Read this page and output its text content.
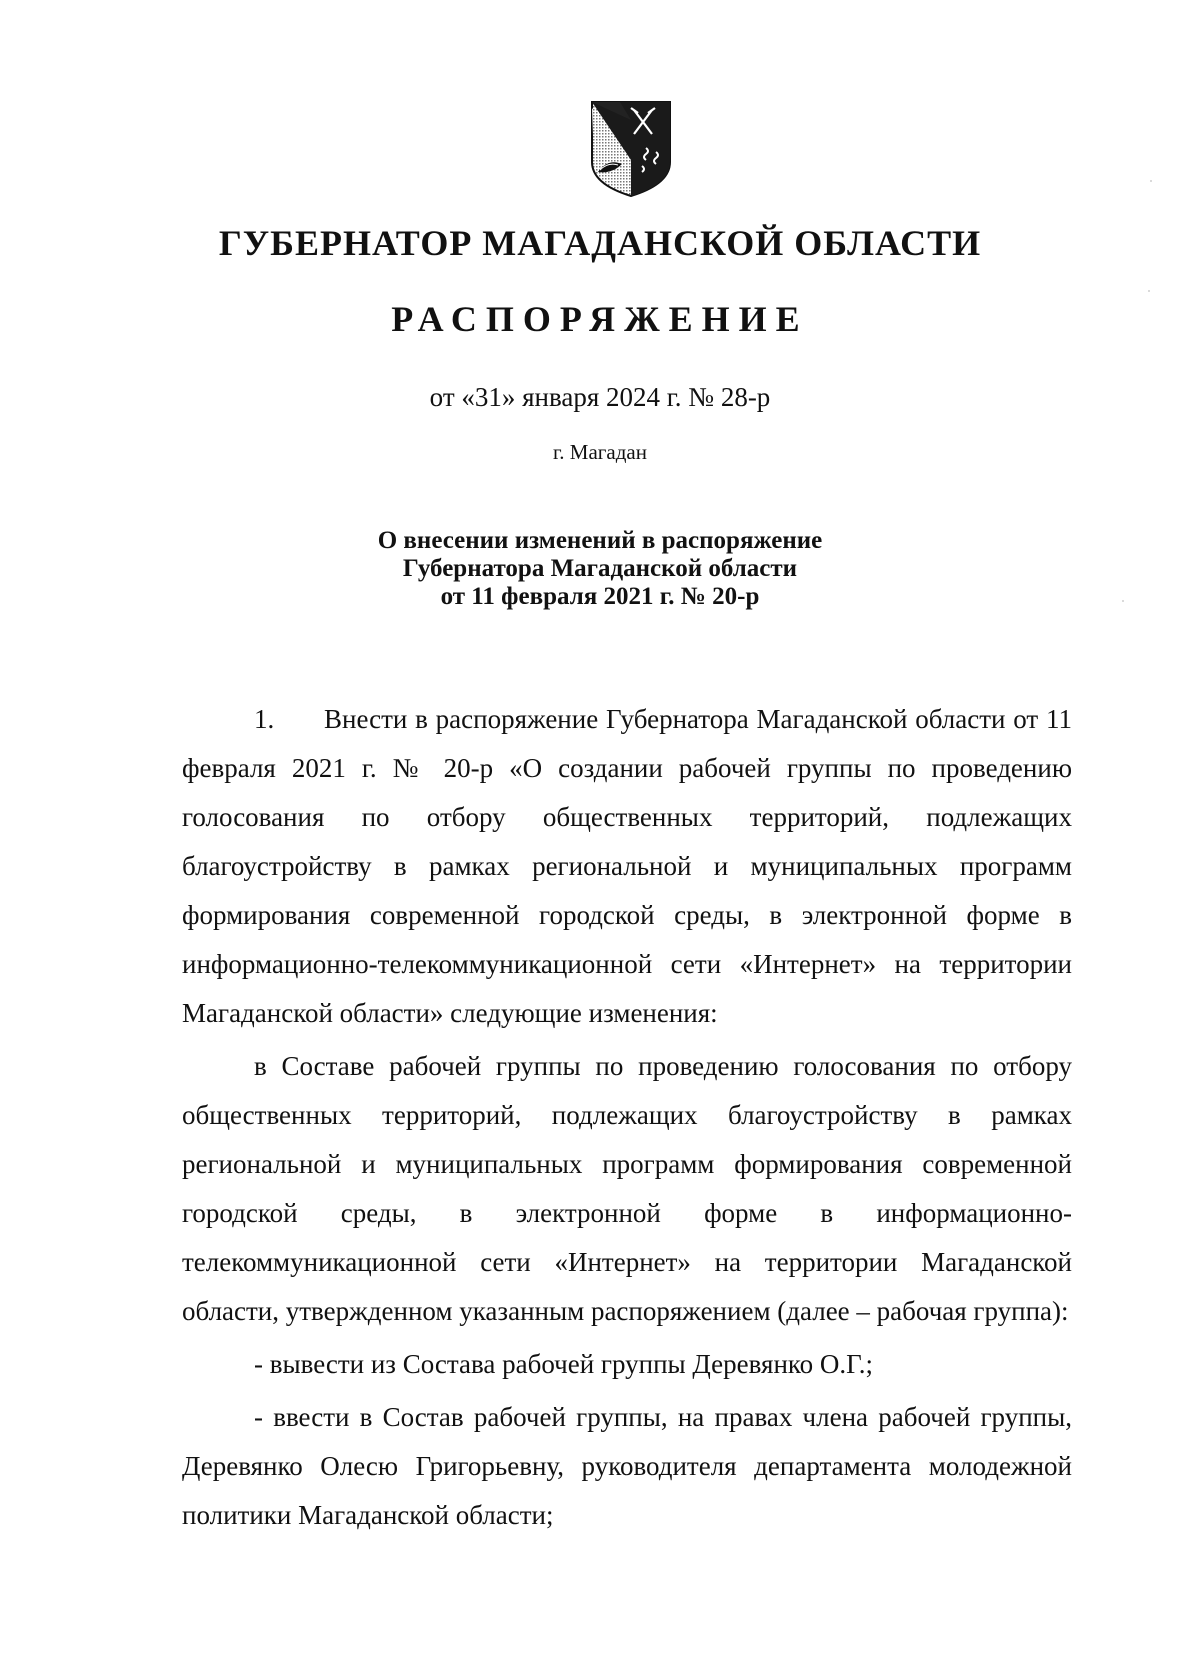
ГУБЕРНАТОР МАГАДАНСКОЙ ОБЛАСТИ
РАСПОРЯЖЕНИЕ
от «31» января 2024 г. № 28-р
г. Магадан
О внесении изменений в распоряжение
Губернатора Магаданской области
от 11 февраля 2021 г. № 20-р

1. Внести в распоряжение Губернатора Магаданской области от 11 февраля 2021 г. № 20-р «О создании рабочей группы по проведению голосования по отбору общественных территорий, подлежащих благоустройству в рамках региональной и муниципальных программ формирования современной городской среды, в электронной форме в информационно-телекоммуникационной сети «Интернет» на территории Магаданской области» следующие изменения:

в Составе рабочей группы по проведению голосования по отбору общественных территорий, подлежащих благоустройству в рамках региональной и муниципальных программ формирования современной городской среды, в электронной форме в информационно-телекоммуникационной сети «Интернет» на территории Магаданской области, утвержденном указанным распоряжением (далее – рабочая группа):

- вывести из Состава рабочей группы Деревянко О.Г.;

- ввести в Состав рабочей группы, на правах члена рабочей группы, Деревянко Олесю Григорьевну, руководителя департамента молодежной политики Магаданской области;
